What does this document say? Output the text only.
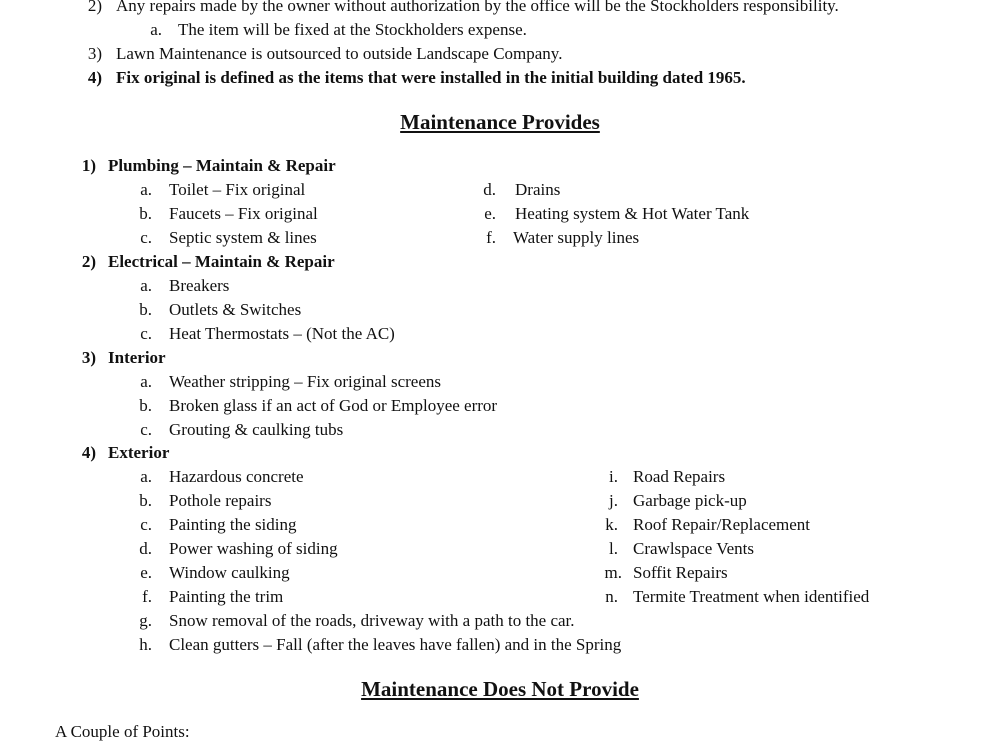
2) Any repairs made by the owner without authorization by the office will be the Stockholders responsibility.
a. The item will be fixed at the Stockholders expense.
3) Lawn Maintenance is outsourced to outside Landscape Company.
4) Fix original is defined as the items that were installed in the initial building dated 1965.
Maintenance Provides
1) Plumbing – Maintain & Repair
a. Toilet – Fix original
b. Faucets – Fix original
c. Septic system & lines
d. Drains
e. Heating system & Hot Water Tank
f. Water supply lines
2) Electrical – Maintain & Repair
a. Breakers
b. Outlets & Switches
c. Heat Thermostats – (Not the AC)
3) Interior
a. Weather stripping – Fix original screens
b. Broken glass if an act of God or Employee error
c. Grouting & caulking tubs
4) Exterior
a. Hazardous concrete
b. Pothole repairs
c. Painting the siding
d. Power washing of siding
e. Window caulking
f. Painting the trim
g. Snow removal of the roads, driveway with a path to the car.
h. Clean gutters – Fall (after the leaves have fallen) and in the Spring
i. Road Repairs
j. Garbage pick-up
k. Roof Repair/Replacement
l. Crawlspace Vents
m. Soffit Repairs
n. Termite Treatment when identified
Maintenance Does Not Provide
A Couple of Points:
